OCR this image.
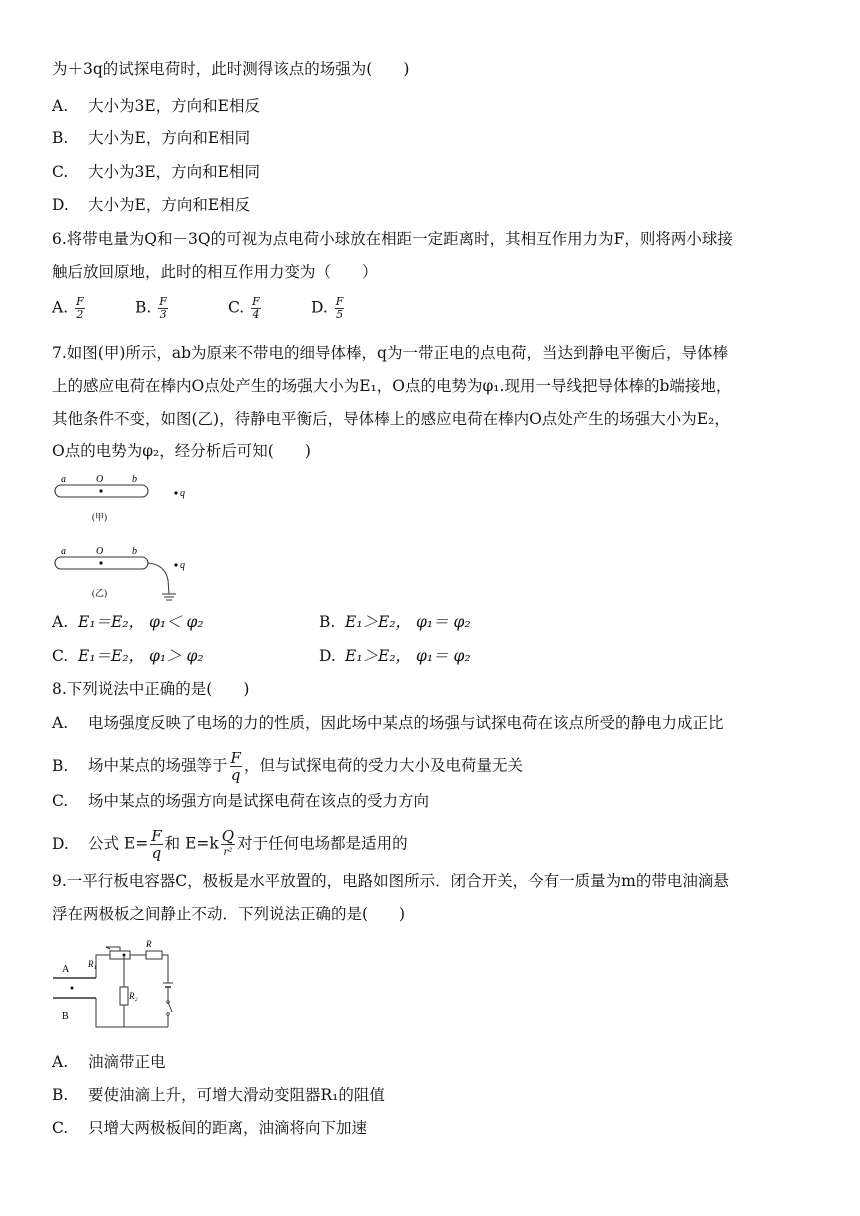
为＋3q的试探电荷时，此时测得该点的场强为(　　)
A. 大小为3E，方向和E相反
B. 大小为E，方向和E相同
C. 大小为3E，方向和E相同
D. 大小为E，方向和E相反
6.将带电量为Q和－3Q的可视为点电荷小球放在相距一定距离时，其相互作用力为F，则将两小球接
触后放回原地，此时的相互作用力变为（　　）
A. $\frac{F}{2}$	B. $\frac{F}{3}$	C. $\frac{F}{4}$	D. $\frac{F}{5}$
7.如图(甲)所示，ab为原来不带电的细导体棒，q为一带正电的点电荷，当达到静电平衡后，导体棒
上的感应电荷在棒内O点处产生的场强大小为E₁，O点的电势为φ₁.现用一导线把导体棒的b端接地，
其他条件不变，如图(乙)，待静电平衡后，导体棒上的感应电荷在棒内O点处产生的场强大小为E₂，
O点的电势为φ₂，经分析后可知(　　)
a	O	b
q
(甲)
a	O	b
q
(乙)
A. E₁＝E₂， φ₁＜ φ₂	B. E₁＞E₂， φ₁＝ φ₂
C. E₁＝E₂， φ₁＞ φ₂	D. E₁＞E₂， φ₁＝ φ₂
8.下列说法中正确的是(　　)
A. 电场强度反映了电场的力的性质，因此场中某点的场强与试探电荷在该点所受的静电力成正比
B. 场中某点的场强等于 $\frac{F}{q}$ ，但与试探电荷的受力大小及电荷量无关
C. 场中某点的场强方向是试探电荷在该点的受力方向
D. 公式 $E= \frac{F}{q}$ 和 $E=k \frac{Q}{\text{r²}}$ 对于任何电场都是适用的
9.一平行板电容器C，极板是水平放置的，电路如图所示．闭合开关，今有一质量为m的带电油滴悬
浮在两极板之间静止不动．下列说法正确的是(　　)
A
B
R₁
R
R₂
A. 油滴带正电
B. 要使油滴上升，可增大滑动变阻器R₁的阻值
C. 只增大两极板间的距离，油滴将向下加速
